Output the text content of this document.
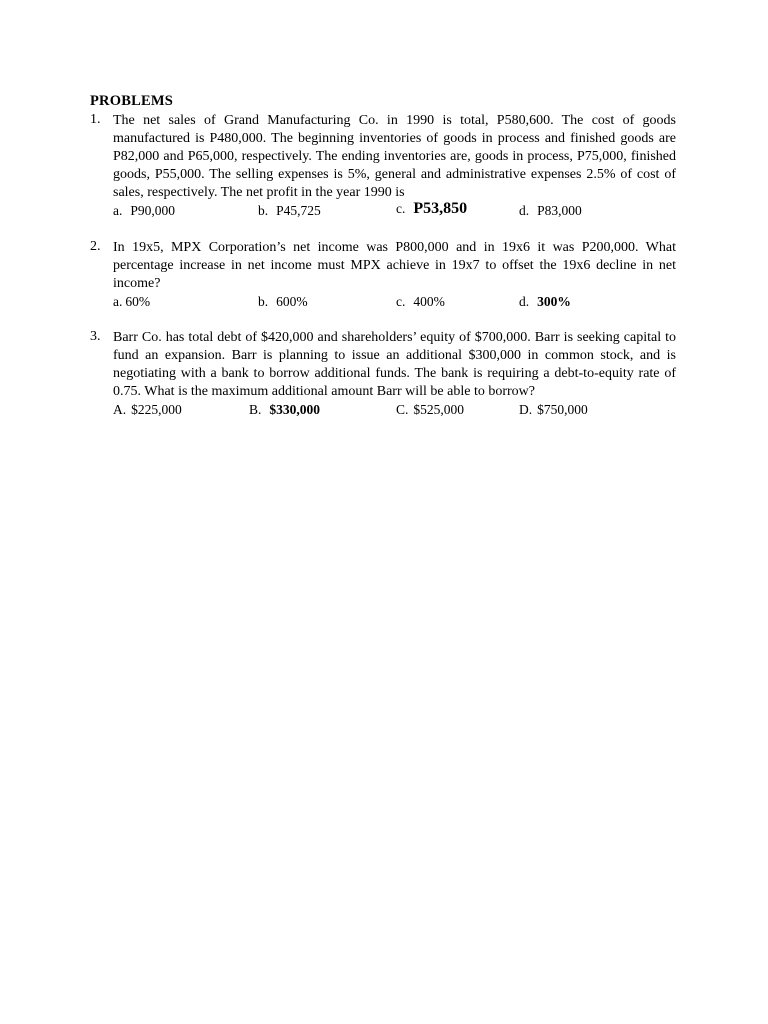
PROBLEMS
1. The net sales of Grand Manufacturing Co. in 1990 is total, P580,600. The cost of goods manufactured is P480,000. The beginning inventories of goods in process and finished goods are P82,000 and P65,000, respectively. The ending inventories are, goods in process, P75,000, finished goods, P55,000. The selling expenses is 5%, general and administrative expenses 2.5% of cost of sales, respectively. The net profit in the year 1990 is
a. P90,000	b. P45,725	c. P53,850	d. P83,000
2. In 19x5, MPX Corporation’s net income was P800,000 and in 19x6 it was P200,000. What percentage increase in net income must MPX achieve in 19x7 to offset the 19x6 decline in net income?
a. 60%	b. 600%	c. 400%	d. 300%
3. Barr Co. has total debt of $420,000 and shareholders’ equity of $700,000. Barr is seeking capital to fund an expansion. Barr is planning to issue an additional $300,000 in common stock, and is negotiating with a bank to borrow additional funds. The bank is requiring a debt-to-equity rate of 0.75. What is the maximum additional amount Barr will be able to borrow?
A. $225,000	B. $330,000	C. $525,000	D. $750,000
